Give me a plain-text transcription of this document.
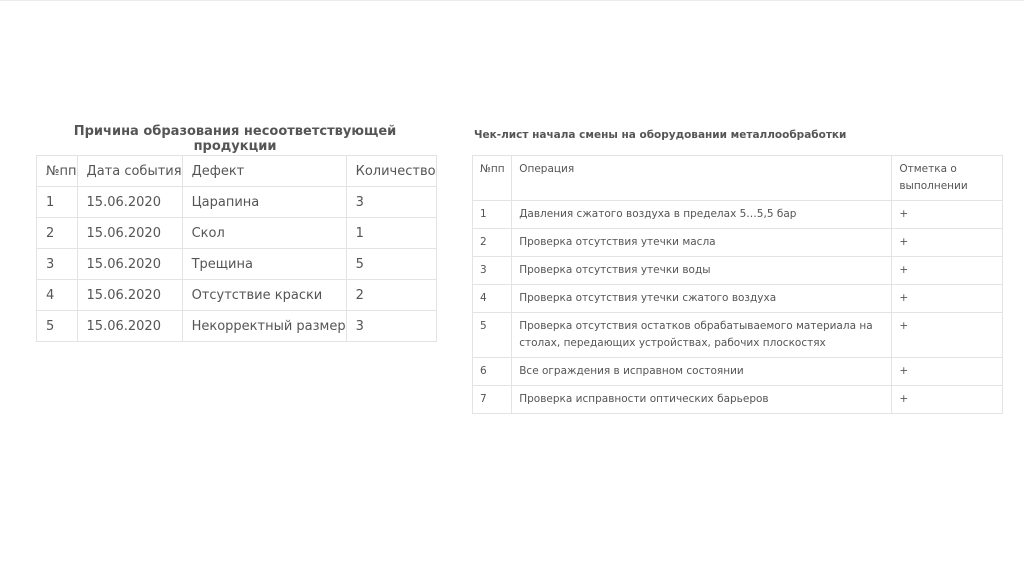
Причина образования несоответствующей продукции
№пп	Дата события	Дефект	Количество
1	15.06.2020	Царапина	3
2	15.06.2020	Скол	1
3	15.06.2020	Трещина	5
4	15.06.2020	Отсутствие краски	2
5	15.06.2020	Некорректный размер	3
Чек-лист начала смены на оборудовании металлообработки
№пп	Операция	Отметка о выполнении
1	Давления сжатого воздуха в пределах 5…5,5 бар	+
2	Проверка отсутствия утечки масла	+
3	Проверка отсутствия утечки воды	+
4	Проверка отсутствия утечки сжатого воздуха	+
5	Проверка отсутствия остатков обрабатываемого материала на столах, передающих устройствах, рабочих плоскостях	+
6	Все ограждения в исправном состоянии	+
7	Проверка исправности оптических барьеров	+
